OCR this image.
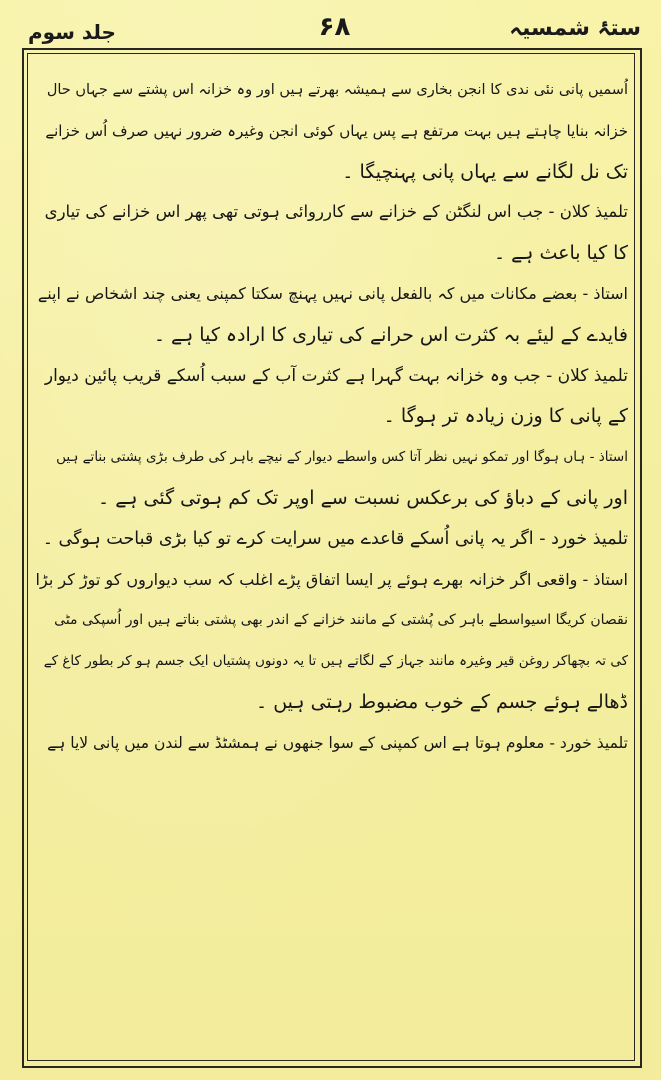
ستۂ شمسیہ
۶۸
جلد سوم
اُسمیں پانی نئی ندی کا انجن بخاری سے ہمیشہ بھرتے ہیں اور وہ خزانہ اس پشتے سے جہاں حال
خزانہ بنایا چاہتے ہیں بہت مرتفع ہے پس یہاں کوئی انجن وغیرہ ضرور نہیں صرف اُس خزانے
تک نل لگانے سے یہاں پانی پہنچیگا ۔
تلمیذ کلان - جب اس لنگٹن کے خزانے سے کارروائی ہوتی تھی پھر اس خزانے کی تیاری
کا کیا باعث ہے ۔
استاذ - بعضے مکانات میں کہ بالفعل پانی نہیں پہنچ سکتا کمپنی یعنی چند اشخاص نے اپنے
فایدے کے لیئے بہ کثرت اس حرانے کی تیاری کا ارادہ کیا ہے ۔
تلمیذ کلان - جب وہ خزانہ بہت گہرا ہے کثرت آب کے سبب اُسکے قریب پائین دیوار
کے پانی کا وزن زیادہ تر ہوگا ۔
استاذ - ہاں ہوگا اور تمکو نہیں نظر آتا کس واسطے دیوار کے نیچے باہر کی طرف بڑی پشتی بناتے ہیں
اور پانی کے دباؤ کی برعکس نسبت سے اوپر تک کم ہوتی گئی ہے ۔
تلمیذ خورد - اگر یہ پانی اُسکے قاعدے میں سرایت کرے تو کیا بڑی قباحت ہوگی ۔
استاذ - واقعی اگر خزانہ بھرے ہوئے پر ایسا اتفاق پڑے اغلب کہ سب دیواروں کو توڑ کر بڑا
نقصان کریگا اسیواسطے باہر کی پُشتی کے مانند خزانے کے اندر بھی پشتی بناتے ہیں اور اُسپکی مٹی
کی تہ بچھاکر روغن قیر وغیرہ مانند جہاز کے لگاتے ہیں تا یہ دونوں پشتیاں ایک جسم ہو کر بطور کاغ کے
ڈھالے ہوئے جسم کے خوب مضبوط رہتی ہیں ۔
تلمیذ خورد - معلوم ہوتا ہے اس کمپنی کے سوا جنھوں نے ہمشٹڈ سے لندن میں پانی لایا ہے
